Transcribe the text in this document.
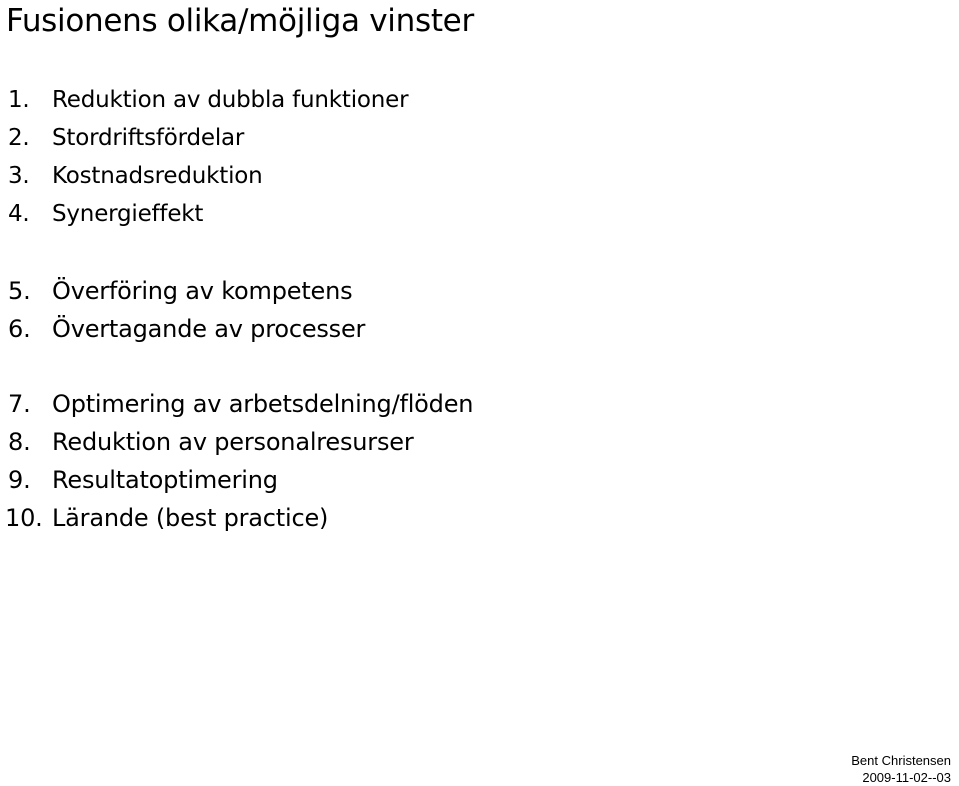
Fusionens olika/möjliga vinster
1. Reduktion av dubbla funktioner
2. Stordriftsfördelar
3. Kostnadsreduktion
4. Synergieffekt
5. Överföring av kompetens
6. Övertagande av processer
7. Optimering av arbetsdelning/flöden
8. Reduktion av personalresurser
9. Resultatoptimering
10. Lärande (best practice)
Bent Christensen
2009-11-02--03
